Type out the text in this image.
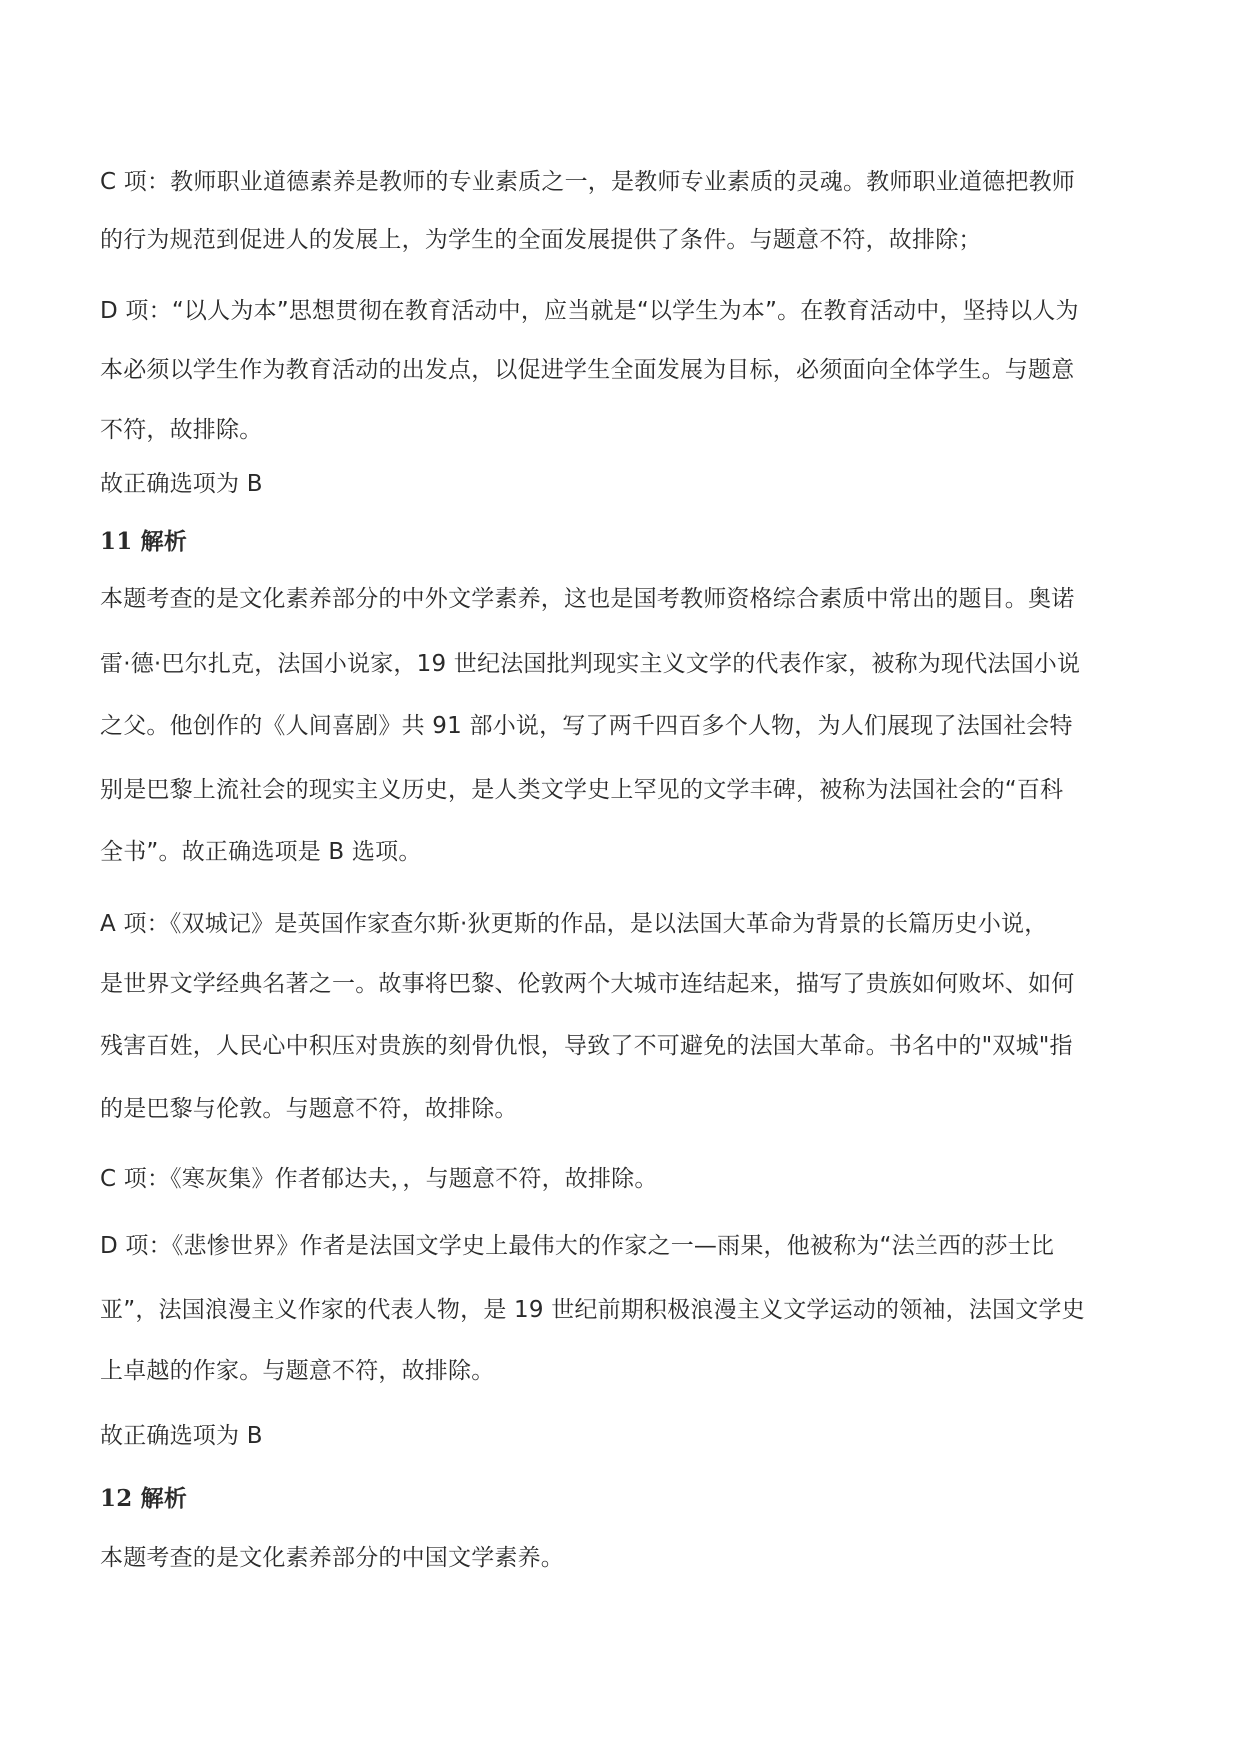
C 项：教师职业道德素养是教师的专业素质之一，是教师专业素质的灵魂。教师职业道德把教师
的行为规范到促进人的发展上，为学生的全面发展提供了条件。与题意不符，故排除；
D 项：“以人为本”思想贯彻在教育活动中，应当就是“以学生为本”。在教育活动中，坚持以人为
本必须以学生作为教育活动的出发点，以促进学生全面发展为目标，必须面向全体学生。与题意
不符，故排除。
故正确选项为 B
11 解析
本题考查的是文化素养部分的中外文学素养，这也是国考教师资格综合素质中常出的题目。奥诺
雷·德·巴尔扎克，法国小说家，19 世纪法国批判现实主义文学的代表作家，被称为现代法国小说
之父。他创作的《人间喜剧》共 91 部小说，写了两千四百多个人物，为人们展现了法国社会特
别是巴黎上流社会的现实主义历史，是人类文学史上罕见的文学丰碑，被称为法国社会的“百科
全书”。故正确选项是 B 选项。
A 项：《双城记》是英国作家查尔斯·狄更斯的作品，是以法国大革命为背景的长篇历史小说，
是世界文学经典名著之一。故事将巴黎、伦敦两个大城市连结起来，描写了贵族如何败坏、如何
残害百姓，人民心中积压对贵族的刻骨仇恨，导致了不可避免的法国大革命。书名中的"双城"指
的是巴黎与伦敦。与题意不符，故排除。
C 项：《寒灰集》作者郁达夫，，与题意不符，故排除。
D 项：《悲惨世界》作者是法国文学史上最伟大的作家之一—雨果，他被称为“法兰西的莎士比
亚”，法国浪漫主义作家的代表人物，是 19 世纪前期积极浪漫主义文学运动的领袖，法国文学史
上卓越的作家。与题意不符，故排除。
故正确选项为 B
12 解析
本题考查的是文化素养部分的中国文学素养。
